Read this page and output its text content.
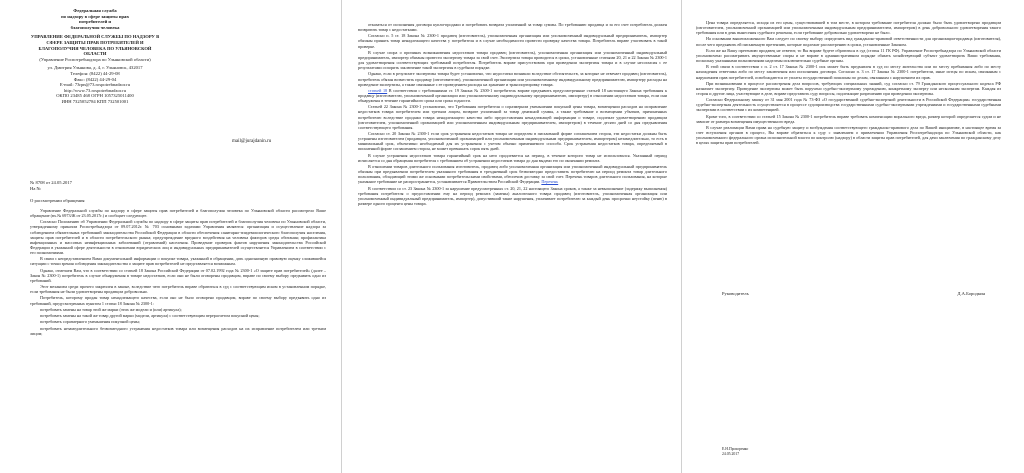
Федеральная служба
по надзору в сфере защиты прав
потребителей и
благополучия человека
УПРАВЛЕНИЕ ФЕДЕРАЛЬНОЙ СЛУЖБЫ ПО НАДЗОРУ В СФЕРЕ ЗАЩИТЫ ПРАВ ПОТРЕБИТЕЛЕЙ И БЛАГОПОЛУЧИЯ ЧЕЛОВЕКА ПО УЛЬЯНОВСКОЙ ОБЛАСТИ
(Управление Роспотребнадзора по Ульяновской области)
ул. Дмитрия Ульянова, д. 4, г. Ульяновск, 432017
Телефон: (8422) 44-29-08
Факс: (8422) 44-29-04
E-mail: 73rpn@73.rospotrebnadzor.ru
http://www.73.rospotrebnadzor.ru
ОКПО 23485 468 ОГРН 1057325011400
ИНН 7325052784 КПП 732501001
mail@jurajdanin.ru
№ 8708 от 24.05.2017
На №
О рассмотрении обращения

Управление Федеральной службы по надзору в сфере защиты прав потребителей и благополучия человека по Ульяновской области рассмотрело Ваше обращение (вх.№ 6973/Ж от 23.05.2017г.) и сообщает следующее.

Согласно Положению об Управлении Федеральной службы по надзору в сфере защиты прав потребителей и благополучия человека по Ульяновской области, утвержденному приказом Роспотребнадзора от 09.07.2012г. № 703 основными задачами Управления являются: организация и осуществление надзора за соблюдением обязательных требований законодательства Российской Федерации в области обеспечения санитарно-эпидемиологического благополучия населения, защиты прав потребителей и в области потребительского рынка; предупреждение вредного воздействия на человека факторов среды обитания; профилактика инфекционных и массовых неинфекционных заболеваний (отравлений) населения. Проведение проверок фактов нарушения законодательства Российской Федерации в указанной сфере деятельности в отношении юридических лиц и индивидуальных предпринимателей осуществляется Управлением в соответствии с его полномочиями.

В связи с непредставлением Вами документальной информации о покупке товара, указанной в обращении, дать однозначную правовую оценку сложившейся ситуации с точки зрения соблюдения законодательства о защите прав потребителей не представляется возможным.

Однако, отмечаем Вам, что в соответствии со статьей 18 Закона Российской Федерации от 07.02.1992 года № 2300-1 «О защите прав потребителей» (далее – Закон № 2300-1) потребитель в случае обнаружения в товаре недостатков, если они не были оговорены продавцом, вправе по своему выбору предъявить одно из требований.

Этот механизм среди прочего закреплен в законе, вследствие чего потребитель вправе обратиться в суд с соответствующим иском в установленном порядке, если требования не были удовлетворены продавцом добровольно.

Потребитель, которому продан товар ненадлежащего качества, если оно не было оговорено продавцом, вправе по своему выбору предъявить одно из требований, предусмотренных пунктом 1 статьи 18 Закона № 2300-1:

потребовать замены на товар этой же марки (этих же модели и (или) артикула);

потребовать замены на такой же товар другой марки (модели, артикула) с соответствующим перерасчетом покупной цены;

потребовать соразмерного уменьшения покупной цены;

потребовать незамедлительного безвозмездного устранения недостатков товара или возмещения расходов на их исправление потребителем или третьим лицом;

отказаться от исполнения договора купли-продажи и потребовать возврата уплаченной за товар суммы. По требованию продавца и за его счет потребитель должен возвратить товар с недостатками.

Согласно п. 5 ст. 18 Закона № 2300-1 продавец (изготовитель), уполномоченная организация или уполномоченный индивидуальный предприниматель, импортер обязаны принять товар ненадлежащего качества у потребителя и в случае необходимости провести проверку качества товара. Потребитель вправе участвовать в такой проверке.

В случае спора о причинах возникновения недостатков товара продавец (изготовитель), уполномоченная организация или уполномоченный индивидуальный предприниматель, импортер обязаны провести экспертизу товара за свой счет. Экспертиза товара проводится в сроки, установленные статьями 20, 21 и 22 Закона № 2300-1 для удовлетворения соответствующих требований потребителя. Потребитель вправе присутствовать при проведении экспертизы товара и в случае несогласия с ее результатами оспорить заключение такой экспертизы в судебном порядке.

Однако, если в результате экспертизы товара будет установлено, что недостатки возникли вследствие обстоятельств, за которые не отвечает продавец (изготовитель), потребитель обязан возместить продавцу (изготовителю), уполномоченной организации или уполномоченному индивидуальному предпринимателю, импортеру расходы на проведение экспертизы, а также связанные с ее проведением расходы на хранение и транспортировку товара.

статьей 18 В соответствии с требованиями ст. 19 Закона № 2300-1 потребитель вправе предъявить предусмотренные статьей 18 настоящего Закона требования к продавцу (изготовителю, уполномоченной организации или уполномоченному индивидуальному предпринимателю, импортеру) в отношении недостатков товара, если они обнаружены в течение гарантийного срока или срока годности.

Статьей 22 Закона № 2300-1 установлено, что Требования потребителя о соразмерном уменьшении покупной цены товара, возмещении расходов на исправление недостатков товара потребителем или третьим лицом, возврате уплаченной за товар денежной суммы, а также требование о возмещении убытков, причиненных потребителю вследствие продажи товара ненадлежащего качества либо предоставления ненадлежащей информации о товаре, подлежат удовлетворению продавцом (изготовителем, уполномоченной организацией или уполномоченным индивидуальным предпринимателем, импортером) в течение десяти дней со дня предъявления соответствующего требования.

Согласно ст. 20 Закона № 2300-1 если срок устранения недостатков товара не определен в письменной форме соглашением сторон, эти недостатки должны быть устранены изготовителем (продавцом, уполномоченной организацией или уполномоченным индивидуальным предпринимателем, импортером) незамедлительно, то есть в минимальный срок, объективно необходимый для их устранения с учетом обычно применяемого способа. Срок устранения недостатков товара, определяемый в письменной форме соглашением сторон, не может превышать сорок пять дней.

В случае устранения недостатков товара гарантийный срок на него продлевается на период, в течение которого товар не использовался. Указанный период исчисляется со дня обращения потребителя с требованием об устранении недостатков товара до дня выдачи его по окончании ремонта.

В отношении товаров длительного пользования изготовитель, продавец либо уполномоченная организация или уполномоченный индивидуальный предприниматель обязаны при предъявлении потребителем указанного требования в трехдневный срок безвозмездно предоставить потребителю на период ремонта товар длительного пользования, обладающий этими же основными потребительскими свойствами, обеспечив доставку за свой счет. Перечень товаров длительного пользования, на которые указанное требование не распространяется, устанавливается Правительством Российской Федерации. Перечень

В соответствии со ст. 23 Закона № 2300-1 за нарушение предусмотренных ст. 20, 21, 22 настоящего Закона сроков, а также за невыполнение (задержку выполнения) требования потребителя о предоставлении ему на период ремонта (замены) аналогичного товара продавец (изготовитель, уполномоченная организация или уполномоченный индивидуальный предприниматель, импортер), допустивший такие нарушения, уплачивает потребителю за каждый день просрочки неустойку (пеню) в размере одного процента цены товара.

Цена товара определяется, исходя из его цены, существовавшей в том месте, в котором требование потребителя должно было быть удовлетворено продавцом (изготовителем, уполномоченной организацией или уполномоченным индивидуальным предпринимателем, импортером) в день добровольного удовлетворения такого требования или в день вынесения судебного решения, если требование добровольно удовлетворено не было.

На основании вышеизложенного Вам следует по своему выбору определить вид гражданско-правовой ответственности для организации-продавца (изготовителя), после чего предъявить ей письменную претензию, которые подлежат рассмотрению в сроки, установленные Законом.

Если же на Вашу претензию продавец не ответит, то Вы вправе будете обратиться в суд (статья 11 ГК РФ). Управление Роспотребнадзора по Ульяновской области уполномочено рассматривать имущественные споры и не вправе в административном порядке обязать хозяйствующий субъект удовлетворить Ваши требования, поскольку указанными полномочиями наделены исключительно судебные органы.

В этой связи в соответствии с п. 2 ст. 17 Закона № 2300-1 иск может быть предъявлен в суд по месту жительства или по месту пребывания либо по месту нахождения ответчика либо по месту заключения или исполнения договора. Согласно п. 3 ст. 17 Закона № 2300-1 потребители, иные истцы по искам, связанным с нарушением прав потребителей, освобождаются от уплаты государственной пошлины по делам, связанным с нарушением их прав.

При возникновении в процессе рассмотрения дела вопросов, требующих специальных знаний, суд согласно ст. 79 Гражданского процессуального кодекса РФ назначает экспертизу. Проведение экспертизы может быть поручено судебно-экспертному учреждению, конкретному эксперту или нескольким экспертам. Каждая из сторон и другие лица, участвующие в деле, вправе представить суду вопросы, подлежащие разрешению при проведении экспертизы.

Согласно Федеральному закону от 31 мая 2001 года № 73-ФЗ «О государственной судебно-экспертной деятельности в Российской Федерации» государственная судебно-экспертная деятельность осуществляется в процессе судопроизводства государственными судебно-экспертными учреждениями и государственными судебными экспертами в соответствии с их компетенцией.

Кроме того, в соответствии со статьей 15 Закона № 2300-1 потребитель вправе требовать компенсации морального вреда, размер которой определяется судом и не зависит от размера возмещения имущественного вреда.

В случае реализации Вами права на судебную защиту и возбуждения соответствующего гражданско-правового дела по Вашей инициативе, в настоящее время за счет вступления органов в процесс, Вы вправе обратиться к суду с заявлением о привлечении Управления Роспотребнадзора по Ульяновской области, как уполномоченного федерального органа исполнительной власти по контролю (надзору) в области защиты прав потребителей, для дачи заключения по гражданскому делу в целях защиты прав потребителей.

Руководитель	Д.А.Бородкин
Е.Н.Прохоренко
24.05.2017
